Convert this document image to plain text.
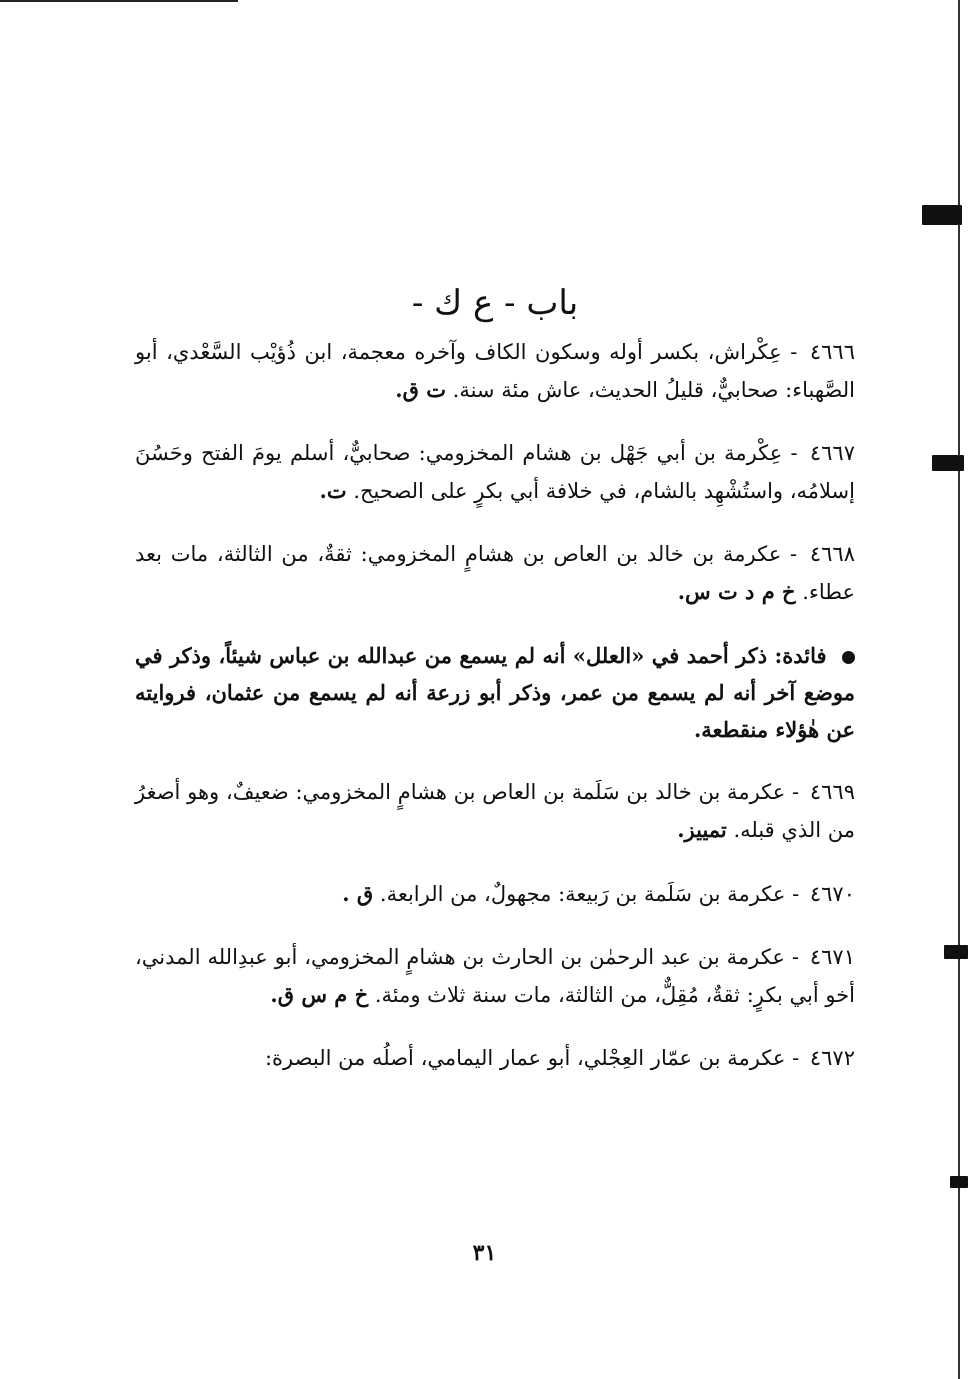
باب - ع ك -

٤٦٦٦ - عِكْراش، بكسر أوله وسكون الكاف وآخره معجمة، ابن ذُؤيْب السَّعْدي، أبو الصَّهباء: صحابيٌّ، قليلُ الحديث، عاش مئة سنة. ت ق.

٤٦٦٧ - عِكْرمة بن أبي جَهْل بن هشام المخزومي: صحابيٌّ، أسلم يومَ الفتح وحَسُنَ إسلامُه، واستُشْهِد بالشام، في خلافة أبي بكرٍ على الصحيح. ت.

٤٦٦٨ - عكرمة بن خالد بن العاص بن هشامٍ المخزومي: ثقةٌ، من الثالثة، مات بعد عطاء. خ م د ت س.

فائدة: ذكر أحمد في «العلل» أنه لم يسمع من عبدالله بن عباس شيئاً، وذكر في موضع آخر أنه لم يسمع من عمر، وذكر أبو زرعة أنه لم يسمع من عثمان، فروايته عن هٰؤلاء منقطعة.

٤٦٦٩ - عكرمة بن خالد بن سَلَمة بن العاص بن هشامٍ المخزومي: ضعيفٌ، وهو أصغرُ من الذي قبله. تمييز.

٤٦٧٠ - عكرمة بن سَلَمة بن رَبيعة: مجهولٌ، من الرابعة. ق .

٤٦٧١ - عكرمة بن عبد الرحمٰن بن الحارث بن هشامٍ المخزومي، أبو عبدِالله المدني، أخو أبي بكرٍ: ثقةٌ، مُقِلٌّ، من الثالثة، مات سنة ثلاث ومئة. خ م س ق.

٤٦٧٢ - عكرمة بن عمّار العِجْلي، أبو عمار اليمامي، أصلُه من البصرة:

٣١
